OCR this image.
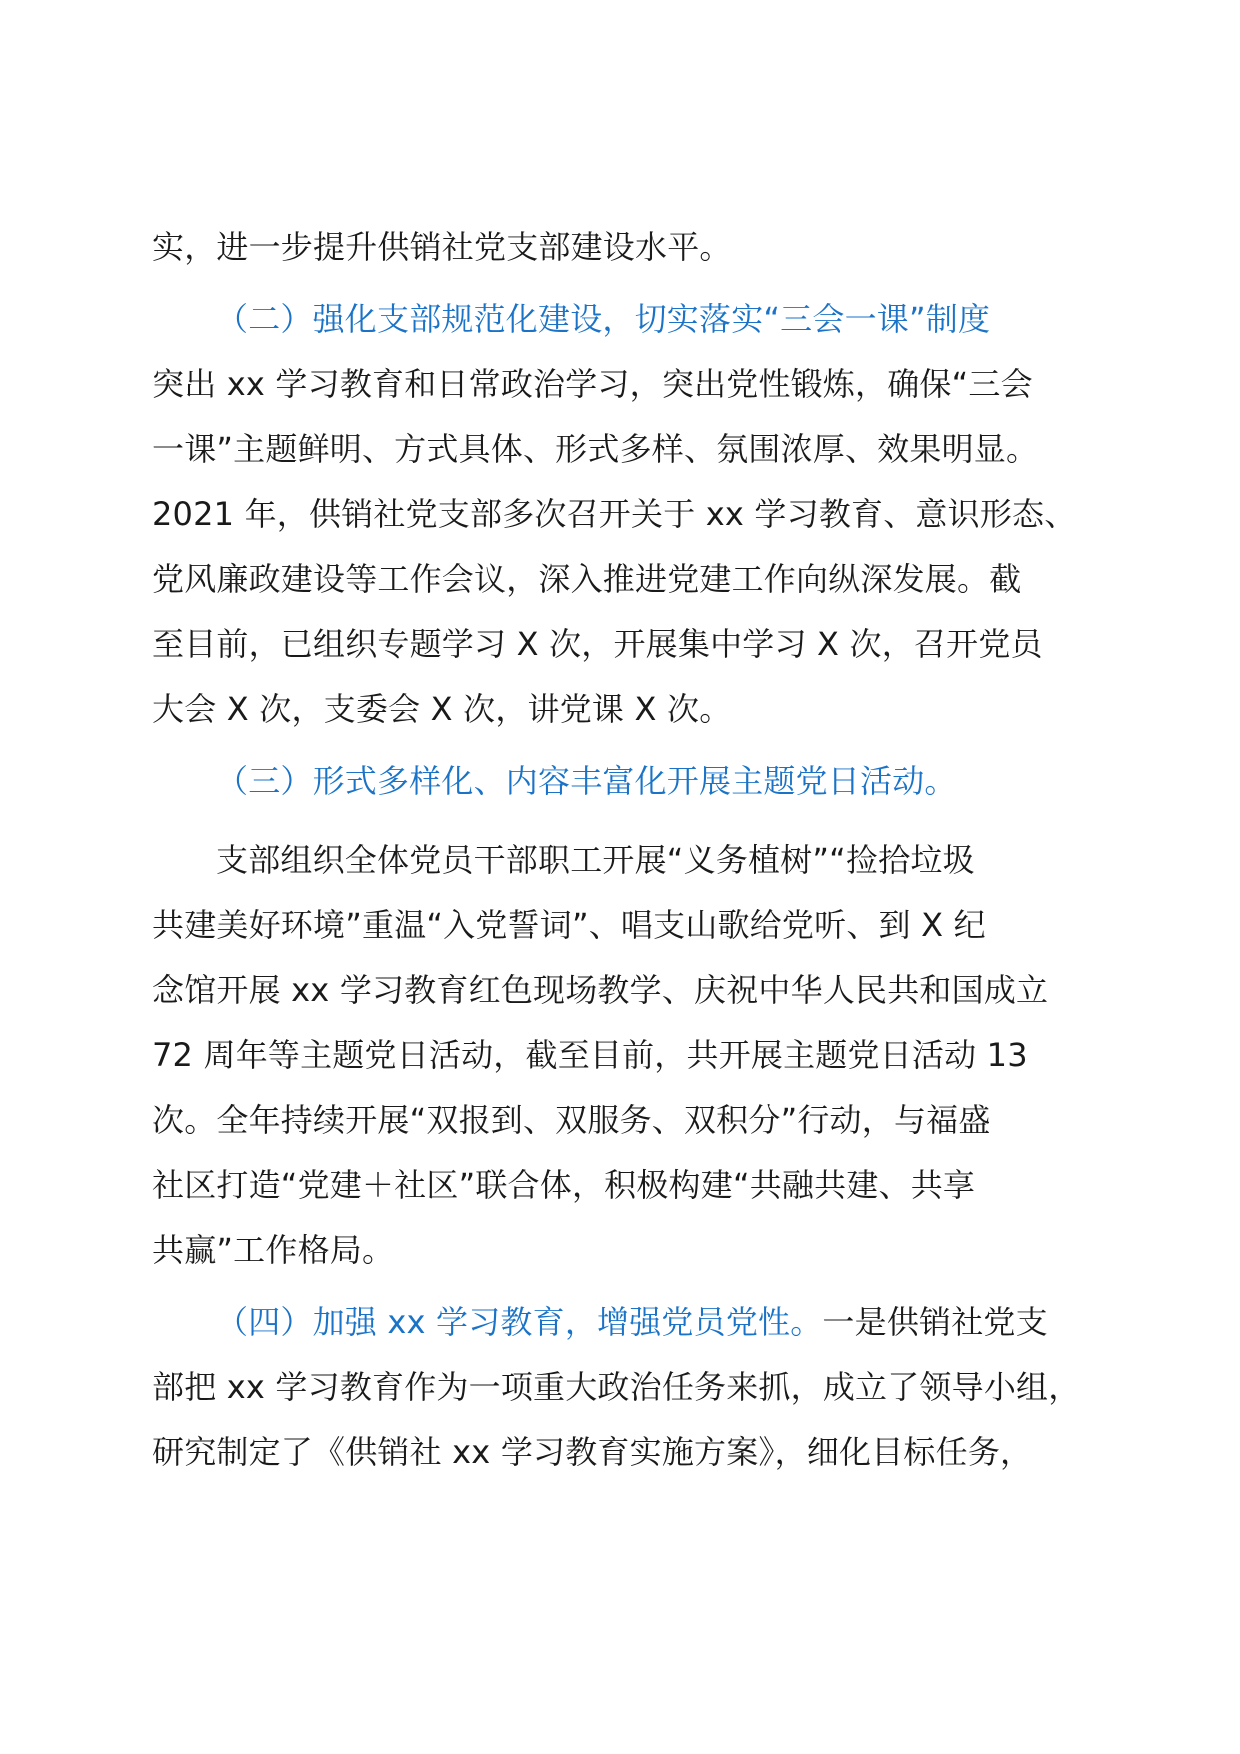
实，进一步提升供销社党支部建设水平。
（二）强化支部规范化建设，切实落实“三会一课”制度
突出 xx 学习教育和日常政治学习，突出党性锻炼，确保“三会
一课”主题鲜明、方式具体、形式多样、氛围浓厚、效果明显。
2021 年，供销社党支部多次召开关于 xx 学习教育、意识形态、
党风廉政建设等工作会议，深入推进党建工作向纵深发展。截
至目前，已组织专题学习 X 次，开展集中学习 X 次，召开党员
大会 X 次，支委会 X 次，讲党课 X 次。
（三）形式多样化、内容丰富化开展主题党日活动。
支部组织全体党员干部职工开展“义务植树”“捡拾垃圾
共建美好环境”重温“入党誓词”、唱支山歌给党听、到 X 纪
念馆开展 xx 学习教育红色现场教学、庆祝中华人民共和国成立
72 周年等主题党日活动，截至目前，共开展主题党日活动 13
次。全年持续开展“双报到、双服务、双积分”行动，与福盛
社区打造“党建＋社区”联合体，积极构建“共融共建、共享
共赢”工作格局。
（四）加强 xx 学习教育，增强党员党性。一是供销社党支
部把 xx 学习教育作为一项重大政治任务来抓，成立了领导小组，
研究制定了《供销社 xx 学习教育实施方案》，细化目标任务，
